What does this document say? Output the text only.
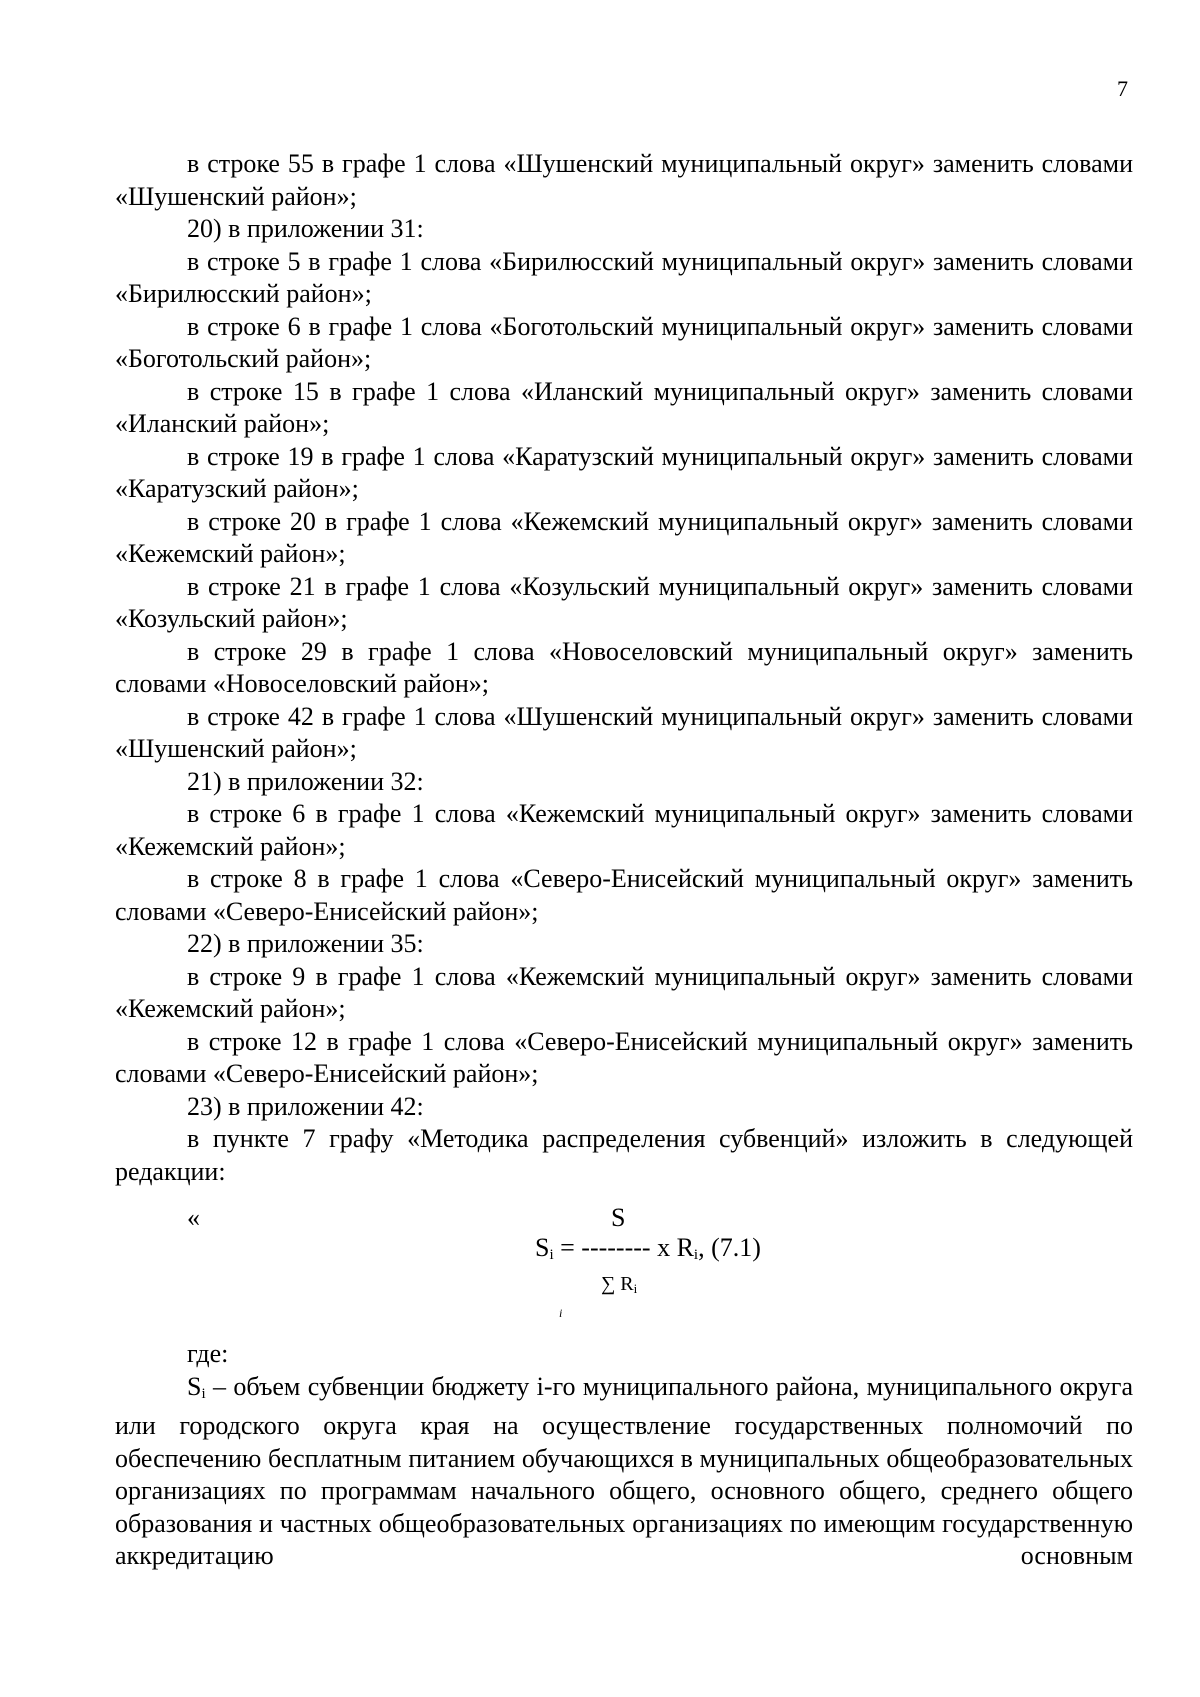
7

в строке 55 в графе 1 слова «Шушенский муниципальный округ» заменить словами «Шушенский район»;

20) в приложении 31:

в строке 5 в графе 1 слова «Бирилюсский муниципальный округ» заменить словами «Бирилюсский район»;

в строке 6 в графе 1 слова «Боготольский муниципальный округ» заменить словами «Боготольский район»;

в строке 15 в графе 1 слова «Иланский муниципальный округ» заменить словами «Иланский район»;

в строке 19 в графе 1 слова «Каратузский муниципальный округ» заменить словами «Каратузский район»;

в строке 20 в графе 1 слова «Кежемский муниципальный округ» заменить словами «Кежемский район»;

в строке 21 в графе 1 слова «Козульский муниципальный округ» заменить словами «Козульский район»;

в строке 29 в графе 1 слова «Новоселовский муниципальный округ» заменить словами «Новоселовский район»;

в строке 42 в графе 1 слова «Шушенский муниципальный округ» заменить словами «Шушенский район»;

21) в приложении 32:

в строке 6 в графе 1 слова «Кежемский муниципальный округ» заменить словами «Кежемский район»;

в строке 8 в графе 1 слова «Северо-Енисейский муниципальный округ» заменить словами «Северо-Енисейский район»;

22) в приложении 35:

в строке 9 в графе 1 слова «Кежемский муниципальный округ» заменить словами «Кежемский район»;

в строке 12 в графе 1 слова «Северо-Енисейский муниципальный округ» заменить словами «Северо-Енисейский район»;

23) в приложении 42:

в пункте 7 графу «Методика распределения субвенций» изложить в следующей редакции:

«	S
$S_i$ = -------- x $R_i$, (7.1)
∑ $R_i$
i

где:

$S_i$ – объем субвенции бюджету i-го муниципального района, муниципального округа или городского округа края на осуществление государственных полномочий по обеспечению бесплатным питанием обучающихся в муниципальных общеобразовательных организациях по программам начального общего, основного общего, среднего общего образования и частных общеобразовательных организациях по имеющим государственную аккредитацию основным
